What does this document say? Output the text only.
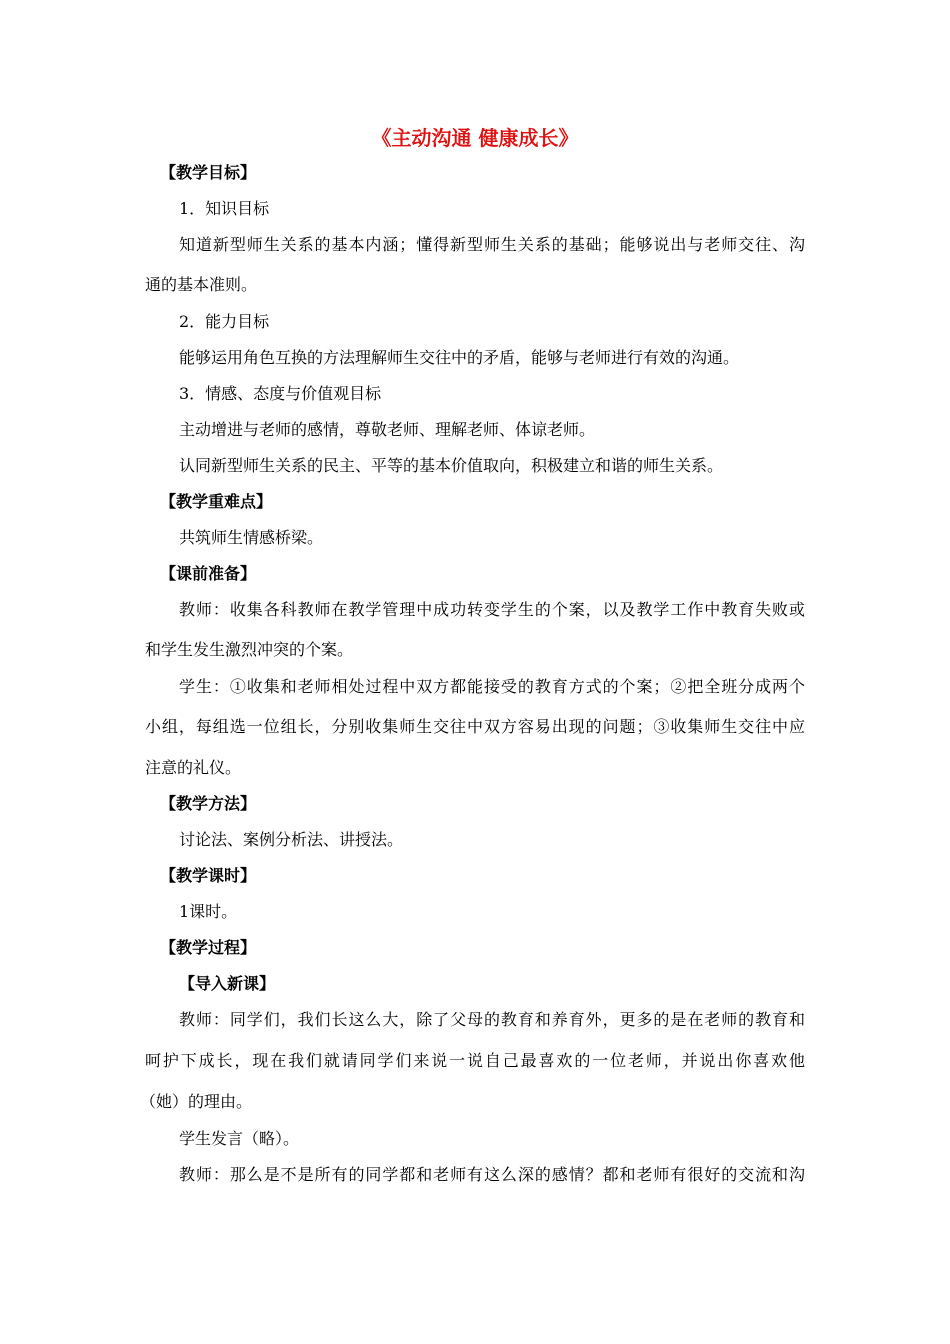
《主动沟通 健康成长》
【教学目标】
1．知识目标
知道新型师生关系的基本内涵；懂得新型师生关系的基础；能够说出与老师交往、沟
通的基本准则。
2．能力目标
能够运用角色互换的方法理解师生交往中的矛盾，能够与老师进行有效的沟通。
3．情感、态度与价值观目标
主动增进与老师的感情，尊敬老师、理解老师、体谅老师。
认同新型师生关系的民主、平等的基本价值取向，积极建立和谐的师生关系。
【教学重难点】
共筑师生情感桥梁。
【课前准备】
教师：收集各科教师在教学管理中成功转变学生的个案，以及教学工作中教育失败或
和学生发生激烈冲突的个案。
学生：①收集和老师相处过程中双方都能接受的教育方式的个案；②把全班分成两个
小组，每组选一位组长，分别收集师生交往中双方容易出现的问题；③收集师生交往中应
注意的礼仪。
【教学方法】
讨论法、案例分析法、讲授法。
【教学课时】
1课时。
【教学过程】
【导入新课】
教师：同学们，我们长这么大，除了父母的教育和养育外，更多的是在老师的教育和
呵护下成长，现在我们就请同学们来说一说自己最喜欢的一位老师，并说出你喜欢他
（她）的理由。
学生发言（略）。
教师：那么是不是所有的同学都和老师有这么深的感情？都和老师有很好的交流和沟
